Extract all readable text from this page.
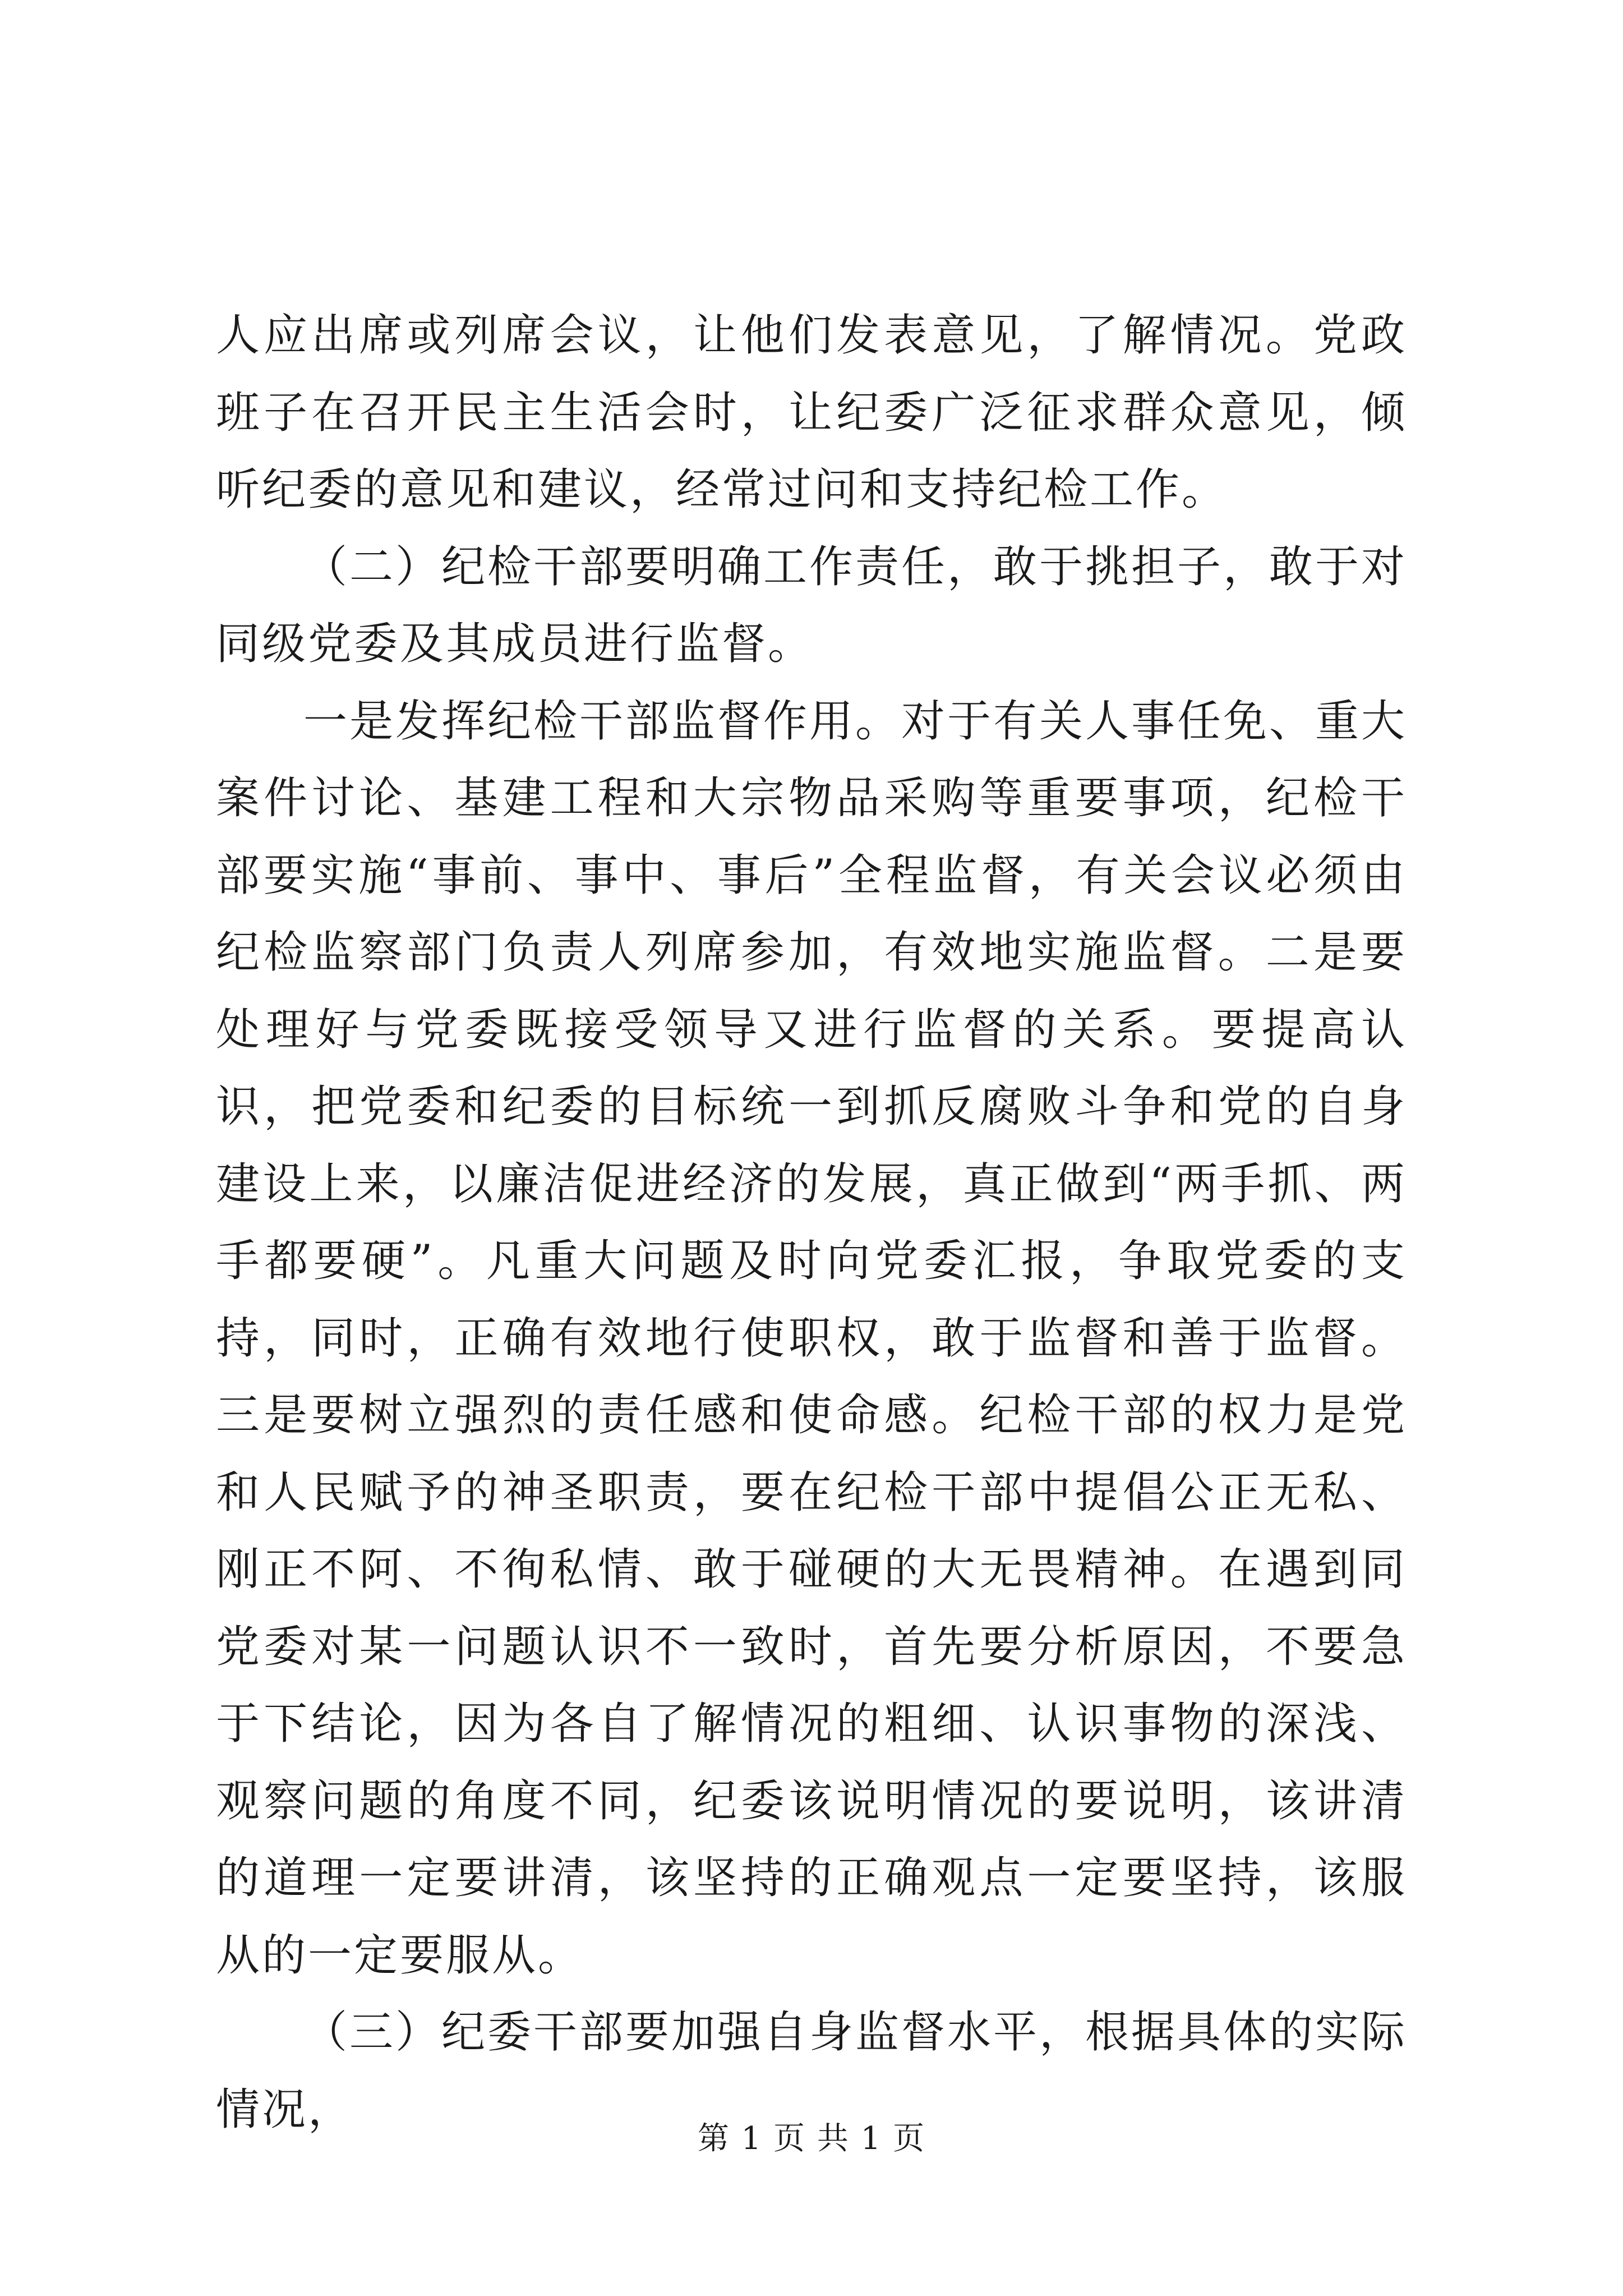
人应出席或列席会议，让他们发表意见，了解情况。党政班子在召开民主生活会时，让纪委广泛征求群众意见，倾听纪委的意见和建议，经常过问和支持纪检工作。

（二）纪检干部要明确工作责任，敢于挑担子，敢于对同级党委及其成员进行监督。

一是发挥纪检干部监督作用。对于有关人事任免、重大案件讨论、基建工程和大宗物品采购等重要事项，纪检干部要实施“事前、事中、事后”全程监督，有关会议必须由纪检监察部门负责人列席参加，有效地实施监督。二是要处理好与党委既接受领导又进行监督的关系。要提高认识，把党委和纪委的目标统一到抓反腐败斗争和党的自身建设上来，以廉洁促进经济的发展，真正做到“两手抓、两手都要硬”。凡重大问题及时向党委汇报，争取党委的支持，同时，正确有效地行使职权，敢于监督和善于监督。三是要树立强烈的责任感和使命感。纪检干部的权力是党和人民赋予的神圣职责，要在纪检干部中提倡公正无私、刚正不阿、不徇私情、敢于碰硬的大无畏精神。在遇到同党委对某一问题认识不一致时，首先要分析原因，不要急于下结论，因为各自了解情况的粗细、认识事物的深浅、观察问题的角度不同，纪委该说明情况的要说明，该讲清的道理一定要讲清，该坚持的正确观点一定要坚持，该服从的一定要服从。

（三）纪委干部要加强自身监督水平，根据具体的实际情况，

第 1 页 共 1 页
